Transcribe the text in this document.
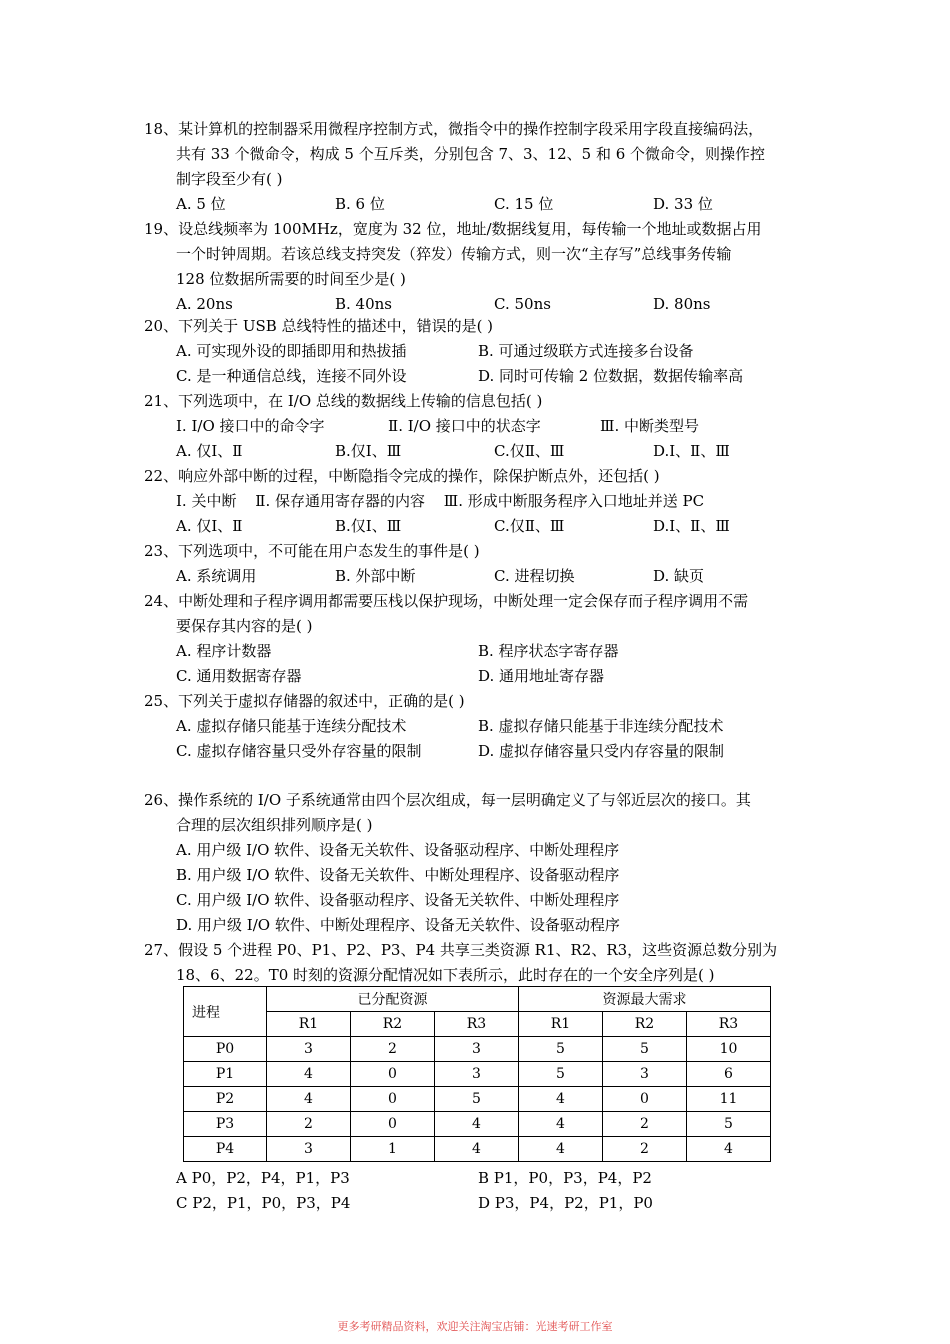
18、某计算机的控制器采用微程序控制方式，微指令中的操作控制字段采用字段直接编码法，
共有 33 个微命令，构成 5 个互斥类，分别包含 7、3、12、5 和 6 个微命令，则操作控
制字段至少有( )
A. 5 位	B. 6 位	C. 15 位	D. 33 位
19、设总线频率为 100MHz，宽度为 32 位，地址/数据线复用，每传输一个地址或数据占用
一个时钟周期。若该总线支持突发（猝发）传输方式，则一次“主存写”总线事务传输
128 位数据所需要的时间至少是( )
A. 20ns	B. 40ns	C. 50ns	D. 80ns
20、下列关于 USB 总线特性的描述中，错误的是( )
A. 可实现外设的即插即用和热拔插	B. 可通过级联方式连接多台设备
C. 是一种通信总线，连接不同外设	D. 同时可传输 2 位数据，数据传输率高
21、下列选项中，在 I/O 总线的数据线上传输的信息包括( )
Ⅰ. I/O 接口中的命令字	Ⅱ. I/O 接口中的状态字	Ⅲ. 中断类型号
A. 仅Ⅰ、Ⅱ	B.仅Ⅰ、Ⅲ	C.仅Ⅱ、Ⅲ	D.Ⅰ、Ⅱ、Ⅲ
22、响应外部中断的过程，中断隐指令完成的操作，除保护断点外，还包括( )
Ⅰ. 关中断 Ⅱ. 保存通用寄存器的内容 Ⅲ. 形成中断服务程序入口地址并送 PC
A. 仅Ⅰ、Ⅱ	B.仅Ⅰ、Ⅲ	C.仅Ⅱ、Ⅲ	D.Ⅰ、Ⅱ、Ⅲ
23、下列选项中，不可能在用户态发生的事件是( )
A. 系统调用	B. 外部中断	C. 进程切换	D. 缺页
24、中断处理和子程序调用都需要压栈以保护现场，中断处理一定会保存而子程序调用不需
要保存其内容的是( )
A. 程序计数器	B. 程序状态字寄存器
C. 通用数据寄存器	D. 通用地址寄存器
25、下列关于虚拟存储器的叙述中，正确的是( )
A. 虚拟存储只能基于连续分配技术	B. 虚拟存储只能基于非连续分配技术
C. 虚拟存储容量只受外存容量的限制	D. 虚拟存储容量只受内存容量的限制
26、操作系统的 I/O 子系统通常由四个层次组成，每一层明确定义了与邻近层次的接口。其
合理的层次组织排列顺序是( )
A. 用户级 I/O 软件、设备无关软件、设备驱动程序、中断处理程序
B. 用户级 I/O 软件、设备无关软件、中断处理程序、设备驱动程序
C. 用户级 I/O 软件、设备驱动程序、设备无关软件、中断处理程序
D. 用户级 I/O 软件、中断处理程序、设备无关软件、设备驱动程序
27、假设 5 个进程 P0、P1、P2、P3、P4 共享三类资源 R1、R2、R3，这些资源总数分别为
18、6、22。T0 时刻的资源分配情况如下表所示，此时存在的一个安全序列是( )
进程	已分配资源			资源最大需求		
	R1	R2	R3	R1	R2	R3
P0	3	2	3	5	5	10
P1	4	0	3	5	3	6
P2	4	0	5	4	0	11
P3	2	0	4	4	2	5
P4	3	1	4	4	2	4
A P0，P2，P4，P1，P3	B P1，P0，P3，P4，P2
C P2，P1，P0，P3，P4	D P3，P4，P2，P1，P0
更多考研精品资料，欢迎关注淘宝店铺：光速考研工作室
